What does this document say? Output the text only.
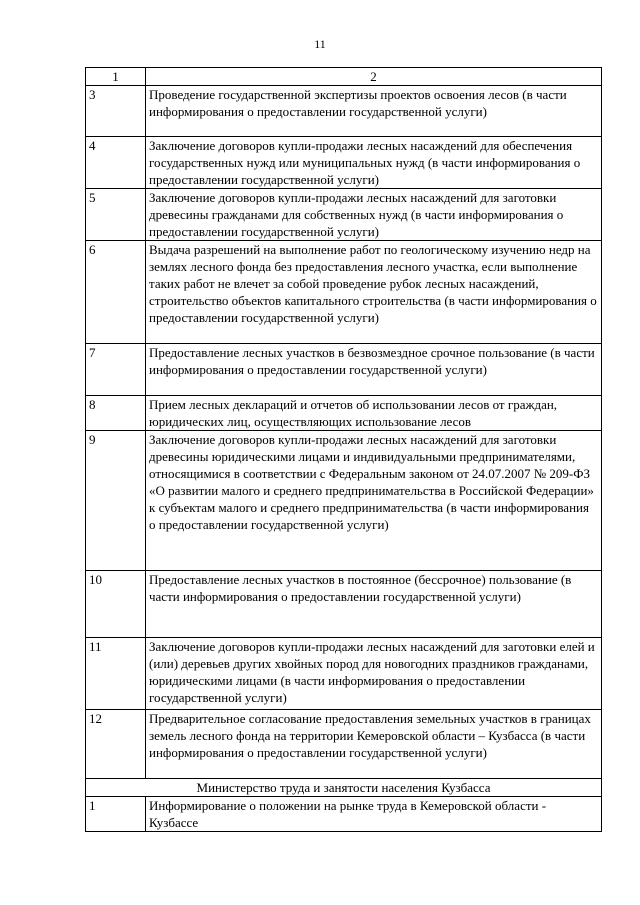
11
1	2
3	Проведение государственной экспертизы проектов освоения лесов (в части информирования о предоставлении государственной услуги)
4	Заключение договоров купли-продажи лесных насаждений для обеспечения государственных нужд или муниципальных нужд (в части информирования о предоставлении государственной услуги)
5	Заключение договоров купли-продажи лесных насаждений для заготовки древесины гражданами для собственных нужд (в части информирования о предоставлении государственной услуги)
6	Выдача разрешений на выполнение работ по геологическому изучению недр на землях лесного фонда без предоставления лесного участка, если выполнение таких работ не влечет за собой проведение рубок лесных насаждений, строительство объектов капитального строительства (в части информирования о предоставлении государственной услуги)
7	Предоставление лесных участков в безвозмездное срочное пользование (в части информирования о предоставлении государственной услуги)
8	Прием лесных деклараций и отчетов об использовании лесов от граждан, юридических лиц, осуществляющих использование лесов
9	Заключение договоров купли-продажи лесных насаждений для заготовки древесины юридическими лицами и индивидуальными предпринимателями, относящимися в соответствии с Федеральным законом от 24.07.2007 № 209-ФЗ «О развитии малого и среднего предпринимательства в Российской Федерации» к субъектам малого и среднего предпринимательства (в части информирования о предоставлении государственной услуги)
10	Предоставление лесных участков в постоянное (бессрочное) пользование (в части информирования о предоставлении государственной услуги)
11	Заключение договоров купли-продажи лесных насаждений для заготовки елей и (или) деревьев других хвойных пород для новогодних праздников гражданами, юридическими лицами (в части информирования о предоставлении государственной услуги)
12	Предварительное согласование предоставления земельных участков в границах земель лесного фонда на территории Кемеровской области – Кузбасса (в части информирования о предоставлении государственной услуги)
Министерство труда и занятости населения Кузбасса	
1	Информирование о положении на рынке труда в Кемеровской области - Кузбассе
